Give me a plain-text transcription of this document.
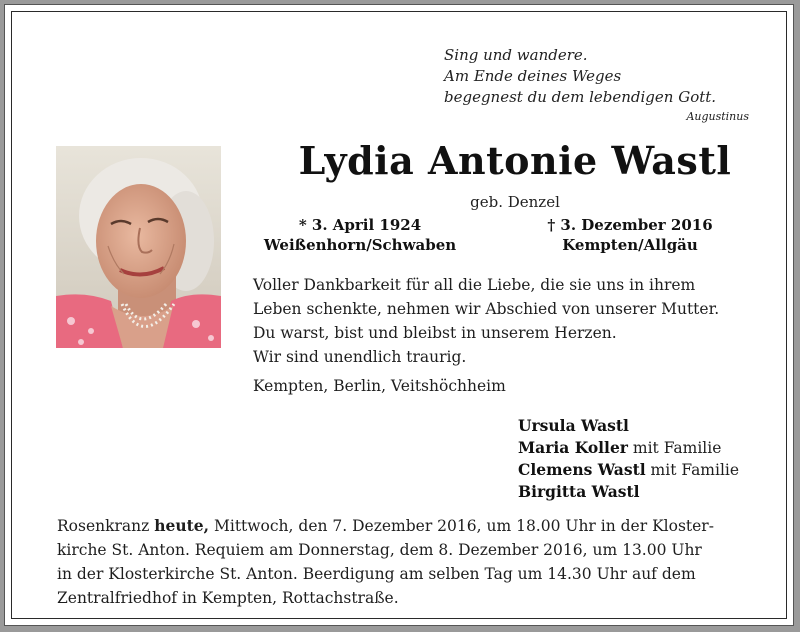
Sing und wandere.
Am Ende deines Weges
begegnest du dem lebendigen Gott.
Augustinus
Lydia Antonie Wastl
geb. Denzel
* 3. April 1924
Weißenhorn/Schwaben
† 3. Dezember 2016
Kempten/Allgäu
Voller Dankbarkeit für all die Liebe, die sie uns in ihrem
Leben schenkte, nehmen wir Abschied von unserer Mutter.
Du warst, bist und bleibst in unserem Herzen.
Wir sind unendlich traurig.
Kempten, Berlin, Veitshöchheim
Ursula Wastl
Maria Koller mit Familie
Clemens Wastl mit Familie
Birgitta Wastl
Rosenkranz heute, Mittwoch, den 7. Dezember 2016, um 18.00 Uhr in der Kloster-
kirche St. Anton. Requiem am Donnerstag, dem 8. Dezember 2016, um 13.00 Uhr
in der Klosterkirche St. Anton. Beerdigung am selben Tag um 14.30 Uhr auf dem
Zentralfriedhof in Kempten, Rottachstraße.
